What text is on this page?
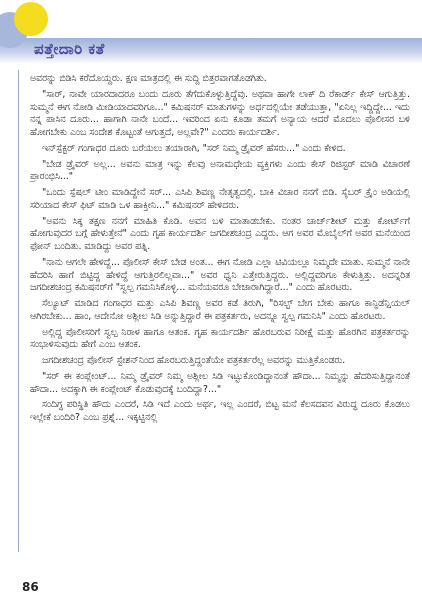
ಪತ್ತೇದಾರಿ ಕತೆ

ಅವರನ್ನು ಬಿಡಿಸಿ ಕರೆದೊಯ್ದರು. ಕ್ಷಣ ಮಾತ್ರದಲ್ಲಿ ಈ ಸುದ್ದಿ ಬಿತ್ತರವಾಗತೊಡಗಿತು.

"ಸಾರ್, ನಾವೇ ಯಾರದಾದರೂ ಬಂದು ದೂರು ತೆಗೆದುಕೊಳ್ಳುತ್ತಿದ್ದೆವು. ಅಥವಾ ಹಾಗೇ ಲಾಕ್ ದಿ ರೆಕಾರ್ಡ್ ಕೇಸ್ ಆಗುತ್ತಿತ್ತು. ಸುಮ್ಮನೆ ಈಗ ನೋಡಿ ಮೀಡಿಯಾದವರಿಗೂ..." ಕಮಿಷನರ್ ಮಾತುಗಳನ್ನು ಅರ್ಧದಲ್ಲಿಯೇ ತಡೆಯುತ್ತಾ, "ಏನಿಲ್ಲ ಇದ್ದಿದ್ದೇ... ಇದು ನನ್ನ ಪಾಸಿನ ದೂರು... ಹಾಗಾಗಿ ನಾನೇ ಬಂದೆ... ಇವರಿಂದ ಏನು ಕೂಡಾ ತಮಗೆ ಅನ್ಯಾಯ ಆದರೆ ಮೊದಲು ಪೊಲೀಸರ ಬಳಿ ಹೋಗಬೇಕು ಎಂಬ ಸಂದೇಶ ಕೊಟ್ಟಂತೆ ಆಗುತ್ತದೆ, ಅಲ್ಲವೇ?" ಎಂದರು ಕಾರ್ಯದರ್ಶಿ.

ಇನ್‌ಸ್ಪೆಕ್ಟರ್ ಗಂಗಾಧರ ದೂರು ಬರೆಯಲು ತಯಾರಾಗಿ, "ಸರ್ ನಿಮ್ಮ ಡ್ರೈವರ್ ಹೆಸರು..." ಎಂದು ಕೇಳಿದ.

"ಬೇಡ ಡ್ರೈವರ್ ಅಲ್ಲ... ಅವನು ಮಾತ್ರ ಇನ್ನು ಕೆಲವು ಅನಾಮಧೇಯ ವ್ಯಕ್ತಿಗಳು ಎಂದು ಕೇಸ್ ರಿಜಿಸ್ಟರ್ ಮಾಡಿ ವಿಚಾರಣೆ ಪ್ರಾರಂಭಿಸಿ..."

"ಒಂದು ಸ್ಪೆಷಲ್ ಟೀಂ ಮಾಡಿದ್ದೇನೆ ಸರ್... ಎಸಿಪಿ ಶಿವಣ್ಣ ನೇತೃತ್ವದಲ್ಲಿ. ಬಾಕಿ ವಿಚಾರ ನನಗೆ ಬಿಡಿ. ಸೈಬರ್ ಕ್ರೈಂ ಅಡಿಯಲ್ಲಿ ಸರಿಯಾದ ಕೇಸ್ ಫಿಟ್ ಮಾಡಿ ಒಳ ಹಾಕ್ತೀನಿ..." ಕಮಿಷನರ್ ಹೇಳಿದರು.

"ಅವನು ಸಿಕ್ಕ ತಕ್ಷಣ ನನಗೆ ಮಾಹಿತಿ ಕೊಡಿ. ಅವನ ಬಳಿ ಮಾತಾಡಬೇಕು. ನಂತರ ಚಾರ್ಜ್‌ಶೀಟ್ ಮತ್ತು ಕೋರ್ಟ್‌ಗೆ ಹೋಗುವುದರ ಬಗ್ಗೆ ಹೇಳುತ್ತೇನೆ" ಎಂದು ಗೃಹ ಕಾರ್ಯದರ್ಶಿ ಜಗದೀಶಚಂದ್ರ ಎದ್ದರು. ಆಗ ಅವರ ಮೊಬೈಲ್‌ಗೆ ಅವರ ಮನೆಯಿಂದ ಫೋನ್ ಬಂದಿತು. ಮಾಡಿದ್ದು ಅವರ ಪತ್ನಿ.

"ನಾನು ಆಗಲೇ ಹೇಳಿದ್ದೆ... ಪೊಲೀಸ್ ಕೇಸ್ ಬೇಡ ಅಂತ... ಈಗ ನೋಡಿ ಎಲ್ಲಾ ಟಿವಿಯಲ್ಲೂ ನಿಮ್ಮದೇ ಮಾತು. ಸುಮ್ಮನೆ ನಾನೇ ಹೆದರಿಸಿ ಹಾಗೆ ಬಿಟ್ಟಿದ್ದ ಹೇಳಿದ್ದೆ ಆಗುತ್ತಿರಲಿಲ್ಲವಾ..." ಅವರ ಧ್ವನಿ ಎತ್ತೇರುತ್ತಿದ್ದರು. ಅಲ್ಲಿದ್ದವರಿಗೂ ಕೇಳುತ್ತಿತ್ತು. ಅದನ್ನರಿತ ಜಗದೀಶಚಂದ್ರ ಕಮಿಷನರ್‌ಗೆ "ಸ್ವಲ್ಪ ಗಮನಿಸಿಕೊಳ್ಳಿ... ಮನೆಯವರೂ ಬೇಜಾರಾಗಿದ್ದಾರೆ..." ಎಂದು ಹೊರಟರು.

ಸೆಲ್ಯೂಟ್ ಮಾಡಿದ ಗಂಗಾಧರ ಮತ್ತು ಎಸಿಪಿ ಶಿವಣ್ಣ ಅವರ ಕಡೆ ತಿರುಗಿ, "ರಿಸಲ್ಟ್ ಬೇಗ ಬೇಕು ಹಾಗೂ ಕಾನ್ಫಿಡೆನ್ಷಿಯಲ್ ಆಗಿರಬೇಕು... ಹಾಂ, ಆದೇನೋ ಅಶ್ಲೀಲ ಸಿಡಿ ಅನ್ನುತ್ತಿದ್ದಾರೆ ಈ ಪತ್ರಕರ್ತರು, ಅದನ್ನೂ ಸ್ವಲ್ಪ ಗಮನಿಸಿ" ಎಂದು ಹೊರಟರು.

ಅಲ್ಲಿದ್ದ ಪೊಲೀಸರಿಗೆ ಸ್ವಲ್ಪ ನಿರಾಳ ಹಾಗೂ ಆತಂಕ. ಗೃಹ ಕಾರ್ಯದರ್ಶಿ ಹೊರಬರುವ ನಿರೀಕ್ಷೆ ಮತ್ತು ಹೊರಗಿನ ಪತ್ರಕರ್ತರನ್ನು ಸಂಭಾಳಿಸುವುದು ಹೇಗೆ ಎಂಬ ಆತಂಕ.

ಜಗದೀಶಚಂದ್ರ ಪೊಲೀಸ್ ಸ್ಟೇಶನ್‌ನಿಂದ ಹೊರಬರುತ್ತಿದ್ದಂತೆಯೇ ಪತ್ರಕರ್ತರೆಲ್ಲ ಅವರನ್ನು ಮುತ್ತಿಕೊಂಡರು.

"ಸರ್ ಈ ಕಂಪ್ಲೇಂಟ್... ನಿಮ್ಮ ಡ್ರೈವರ್ ನಿಮ್ಮ ಅಶ್ಲೀಲ ಸಿಡಿ ಇಟ್ಟುಕೊಂಡಿದ್ದಾನಂತೆ ಹೌದಾ... ನಿಮ್ಮನ್ನು ಹೆದರಿಸುತ್ತಿದ್ದಾನಂತೆ ಹೌದಾ... ಅದಕ್ಕಾಗಿ ಈ ಕಂಪ್ಲೇಂಟ್ ಕೊಡುವುದಕ್ಕೆ ಬಂದಿದ್ದಾ?..."

ಸಂದಿಗ್ಧ ಪರಿಸ್ಥಿತಿ ಹೌದು ಎಂದರೆ, ಸಿಡಿ ಇದೆ ಎಂದು ಅರ್ಥ, ಇಲ್ಲ ಎಂದರೆ, ಬಿಟ್ಟ ಮನೆ ಕೆಲಸದವನ ವಿರುದ್ಧ ದೂರು ಕೊಡಲು ಇಲ್ಲೇಕೆ ಬಂದಿರಿ? ಎಂಬ ಪ್ರಶ್ನೆ... ಇಕ್ಕಟ್ಟಿನಲ್ಲಿ

86
